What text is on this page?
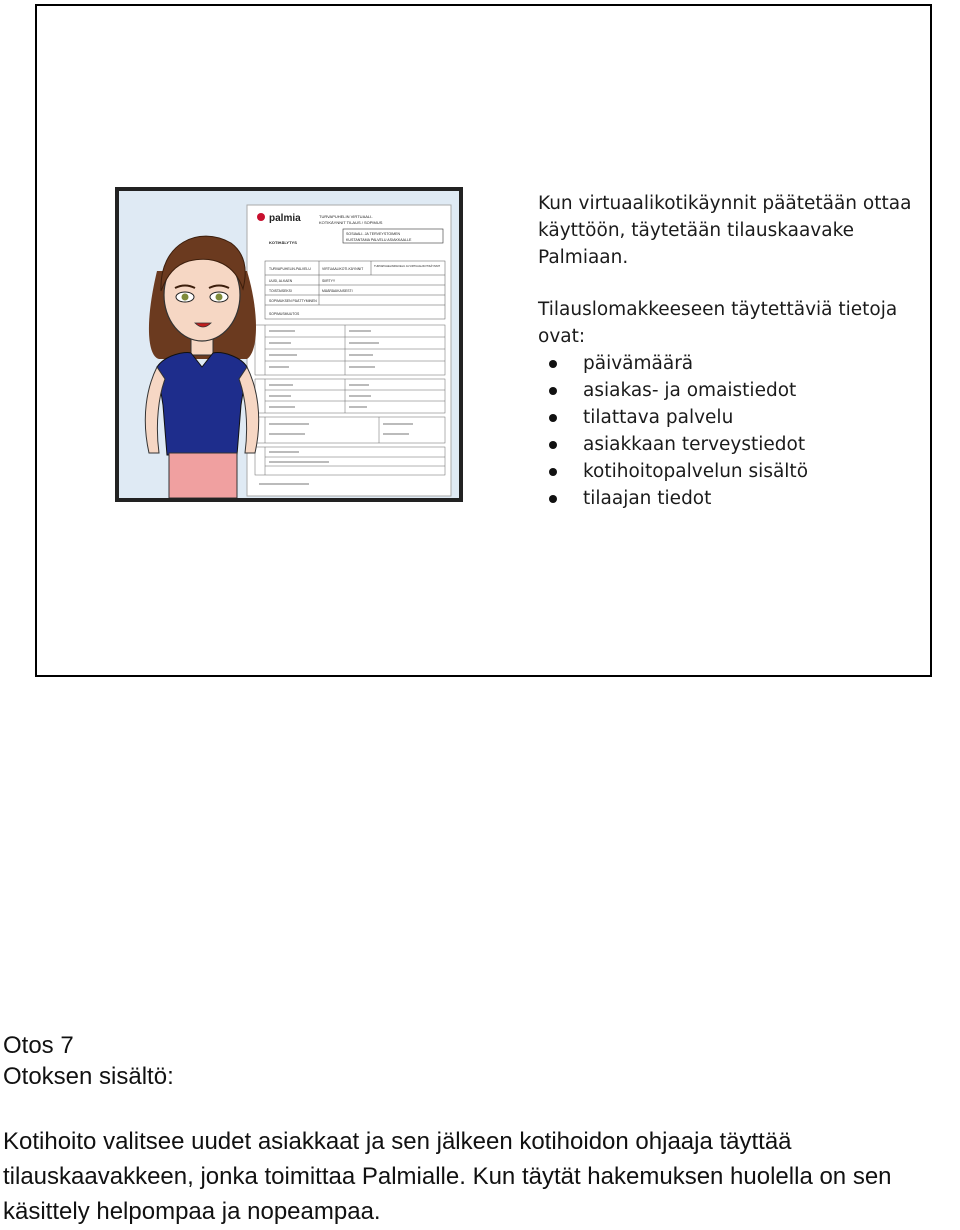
palmia	TURVAPUHELIN VIRTUAALI-
KOTIKÄYNNIT TILAUS / SOPIMUS
SOSIAALI- JA TERVEYSTOIMEN
KUSTANTAMA PALVELU ASIAKKAALLE
KOTIHÄLYTYS
TURVAPUHELIN-PALVELU	VIRTUAALIKOTI-KÄYNNIT
TURVAPUHELINPALVELU JA VIRTUAALIKOTIKÄYNNIT
UUSI, ALKAEN	SIIRTYY
TOISTAISEKSI	MÄÄRÄAIKAISESTI
SOPIMUKSEN PÄÄTTYMINEN
SOPIMUSMUUTOS

Kun virtuaalikotikäynnit päätetään ottaa käyttöön, täytetään tilauskaavake Palmiaan.

Tilauslomakkeeseen täytettäviä tietoja ovat:

päivämäärä
asiakas- ja omaistiedot
tilattava palvelu
asiakkaan terveystiedot
kotihoitopalvelun sisältö
tilaajan tiedot

Otos 7

Otoksen sisältö:

Kotihoito valitsee uudet asiakkaat ja sen jälkeen kotihoidon ohjaaja täyttää tilauskaavakkeen, jonka toimittaa Palmialle. Kun täytät hakemuksen huolella on sen käsittely helpompaa ja nopeampaa.
